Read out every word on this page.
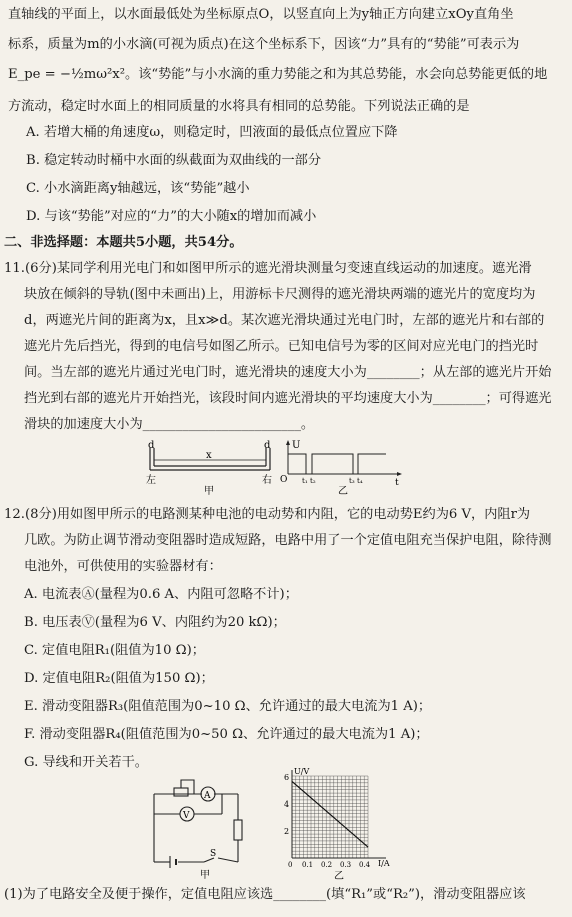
直轴线的平面上，以水面最低处为坐标原点O，以竖直向上为y轴正方向建立xOy直角坐
标系，质量为m的小水滴(可视为质点)在这个坐标系下，因该“力”具有的“势能”可表示为
E_pe = −½mω²x²。该“势能”与小水滴的重力势能之和为其总势能，水会向总势能更低的地
方流动，稳定时水面上的相同质量的水将具有相同的总势能。下列说法正确的是
A. 若增大桶的角速度ω，则稳定时，凹液面的最低点位置应下降
B. 稳定转动时桶中水面的纵截面为双曲线的一部分
C. 小水滴距离y轴越远，该“势能”越小
D. 与该“势能”对应的“力”的大小随x的增加而减小
二、非选择题：本题共5小题，共54分。
11.(6分)某同学利用光电门和如图甲所示的遮光滑块测量匀变速直线运动的加速度。遮光滑
块放在倾斜的导轨(图中未画出)上，用游标卡尺测得的遮光滑块两端的遮光片的宽度均为
d，两遮光片间的距离为x，且x≫d。某次遮光滑块通过光电门时，左部的遮光片和右部的
遮光片先后挡光，得到的电信号如图乙所示。已知电信号为零的区间对应光电门的挡光时
间。当左部的遮光片通过光电门时，遮光滑块的速度大小为________；从左部的遮光片开始
挡光到右部的遮光片开始挡光，该段时间内遮光滑块的平均速度大小为________；可得遮光
滑块的加速度大小为________________________。
d	d
x
左	右
甲
U
O	t
t₁ t₂	t₃ t₄
乙
12.(8分)用如图甲所示的电路测某种电池的电动势和内阻，它的电动势E约为6 V，内阻r为
几欧。为防止调节滑动变阻器时造成短路，电路中用了一个定值电阻充当保护电阻，除待测
电池外，可供使用的实验器材有：
A. 电流表Ⓐ(量程为0.6 A、内阻可忽略不计)；
B. 电压表Ⓥ(量程为6 V、内阻约为20 kΩ)；
C. 定值电阻R₁(阻值为10 Ω)；
D. 定值电阻R₂(阻值为150 Ω)；
E. 滑动变阻器R₃(阻值范围为0~10 Ω、允许通过的最大电流为1 A)；
F. 滑动变阻器R₄(阻值范围为0~50 Ω、允许通过的最大电流为1 A)；
G. 导线和开关若干。
A
V
S
甲
U/V
I/A
6
4
2
0 0.1 0.2 0.3 0.4
乙
(1)为了电路安全及便于操作，定值电阻应该选________(填“R₁”或“R₂”)，滑动变阻器应该
